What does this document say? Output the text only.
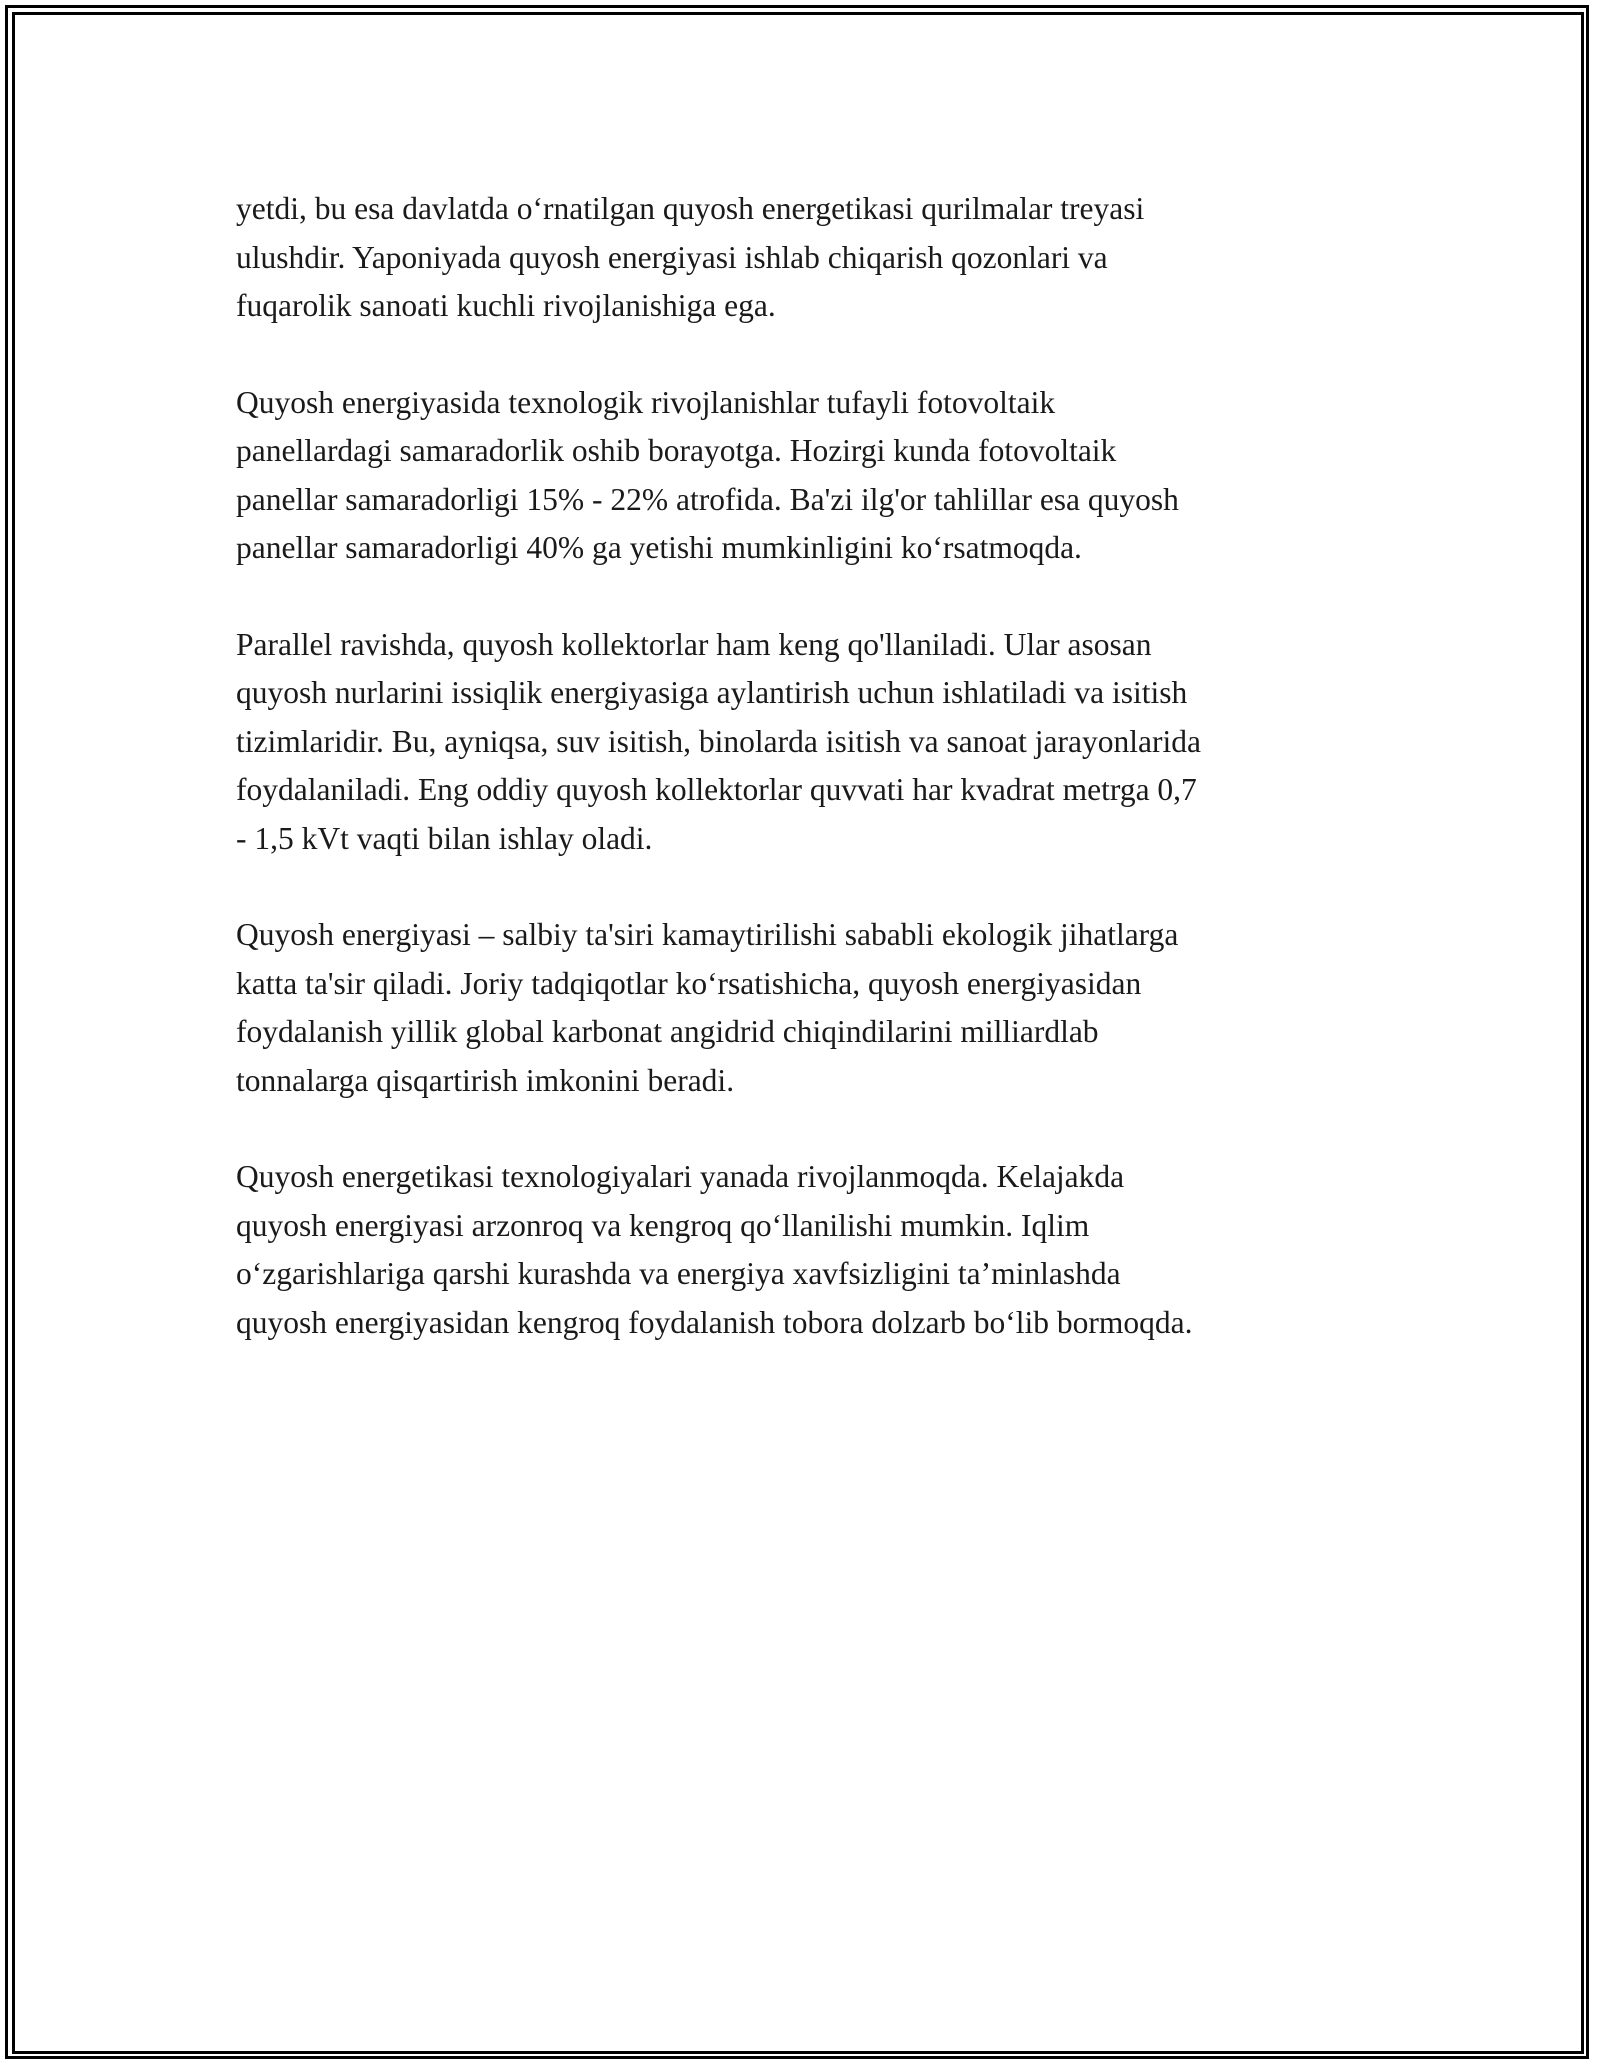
yetdi, bu esa davlatda o‘rnatilgan quyosh energetikasi qurilmalar treyasi
ulushdir. Yaponiyada quyosh energiyasi ishlab chiqarish qozonlari va
fuqarolik sanoati kuchli rivojlanishiga ega.

Quyosh energiyasida texnologik rivojlanishlar tufayli fotovoltaik
panellardagi samaradorlik oshib borayotga. Hozirgi kunda fotovoltaik
panellar samaradorligi 15% - 22% atrofida. Ba'zi ilg'or tahlillar esa quyosh
panellar samaradorligi 40% ga yetishi mumkinligini ko‘rsatmoqda.

Parallel ravishda, quyosh kollektorlar ham keng qo'llaniladi. Ular asosan
quyosh nurlarini issiqlik energiyasiga aylantirish uchun ishlatiladi va isitish
tizimlaridir. Bu, ayniqsa, suv isitish, binolarda isitish va sanoat jarayonlarida
foydalaniladi. Eng oddiy quyosh kollektorlar quvvati har kvadrat metrga 0,7
- 1,5 kVt vaqti bilan ishlay oladi.

Quyosh energiyasi – salbiy ta'siri kamaytirilishi sababli ekologik jihatlarga
katta ta'sir qiladi. Joriy tadqiqotlar ko‘rsatishicha, quyosh energiyasidan
foydalanish yillik global karbonat angidrid chiqindilarini milliardlab
tonnalarga qisqartirish imkonini beradi.

Quyosh energetikasi texnologiyalari yanada rivojlanmoqda. Kelajakda
quyosh energiyasi arzonroq va kengroq qo‘llanilishi mumkin. Iqlim
o‘zgarishlariga qarshi kurashda va energiya xavfsizligini ta’minlashda
quyosh energiyasidan kengroq foydalanish tobora dolzarb bo‘lib bormoqda.
